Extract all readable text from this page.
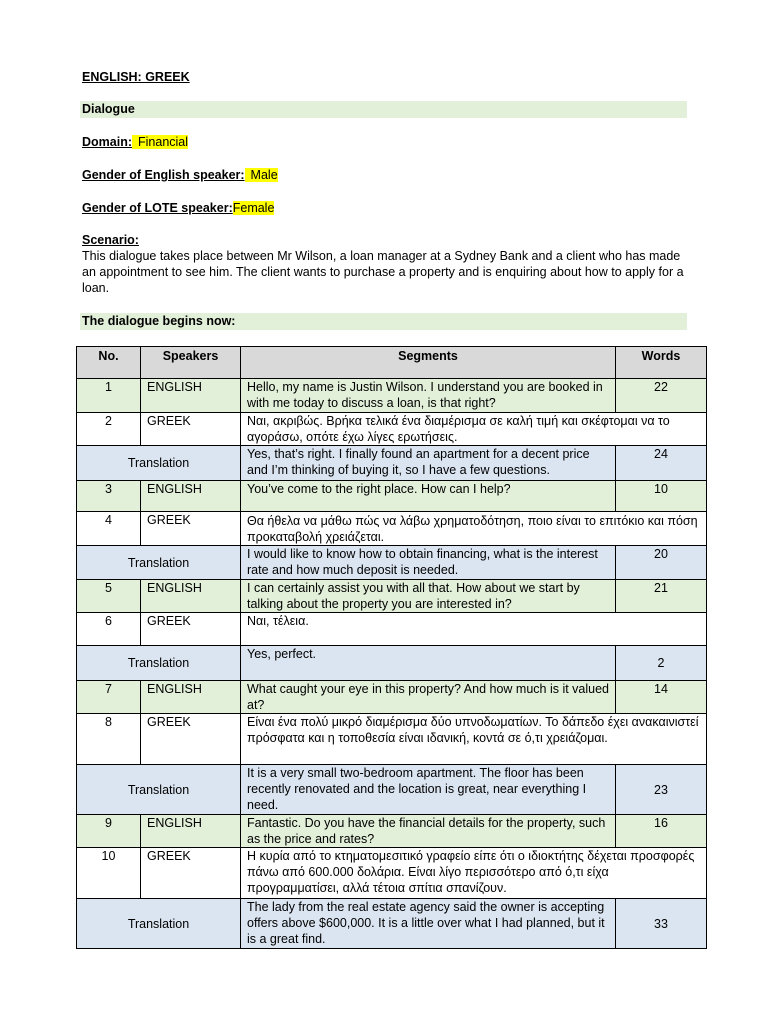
ENGLISH: GREEK
Dialogue
Domain: Financial
Gender of English speaker: Male
Gender of LOTE speaker:Female
Scenario:
This dialogue takes place between Mr Wilson, a loan manager at a Sydney Bank and a client who has made an appointment to see him. The client wants to purchase a property and is enquiring about how to apply for a loan.
The dialogue begins now:
No.	Speakers	Segments	Words
1	ENGLISH	Hello, my name is Justin Wilson. I understand you are booked in with me today to discuss a loan, is that right?	22
2	GREEK	Ναι, ακριβώς. Βρήκα τελικά ένα διαμέρισμα σε καλή τιμή και σκέφτομαι να το αγοράσω, οπότε έχω λίγες ερωτήσεις.	
Translation		Yes, that’s right. I finally found an apartment for a decent price and I’m thinking of buying it, so I have a few questions.	24
3	ENGLISH	You’ve come to the right place. How can I help?	10
4	GREEK	Θα ήθελα να μάθω πώς να λάβω χρηματοδότηση, ποιο είναι το επιτόκιο και πόση προκαταβολή χρειάζεται.	
Translation		I would like to know how to obtain financing, what is the interest rate and how much deposit is needed.	20
5	ENGLISH	I can certainly assist you with all that. How about we start by talking about the property you are interested in?	21
6	GREEK	Ναι, τέλεια.	
Translation		Yes, perfect.	2
7	ENGLISH	What caught your eye in this property? And how much is it valued at?	14
8	GREEK	Είναι ένα πολύ μικρό διαμέρισμα δύο υπνοδωματίων. Το δάπεδο έχει ανακαινιστεί πρόσφατα και η τοποθεσία είναι ιδανική, κοντά σε ό,τι χρειάζομαι.	
Translation		It is a very small two-bedroom apartment. The floor has been recently renovated and the location is great, near everything I need.	23
9	ENGLISH	Fantastic. Do you have the financial details for the property, such as the price and rates?	16
10	GREEK	Η κυρία από το κτηματομεσιτικό γραφείο είπε ότι ο ιδιοκτήτης δέχεται προσφορές πάνω από 600.000 δολάρια. Είναι λίγο περισσότερο από ό,τι είχα προγραμματίσει, αλλά τέτοια σπίτια σπανίζουν.	
Translation		The lady from the real estate agency said the owner is accepting offers above $600,000. It is a little over what I had planned, but it is a great find.	33
